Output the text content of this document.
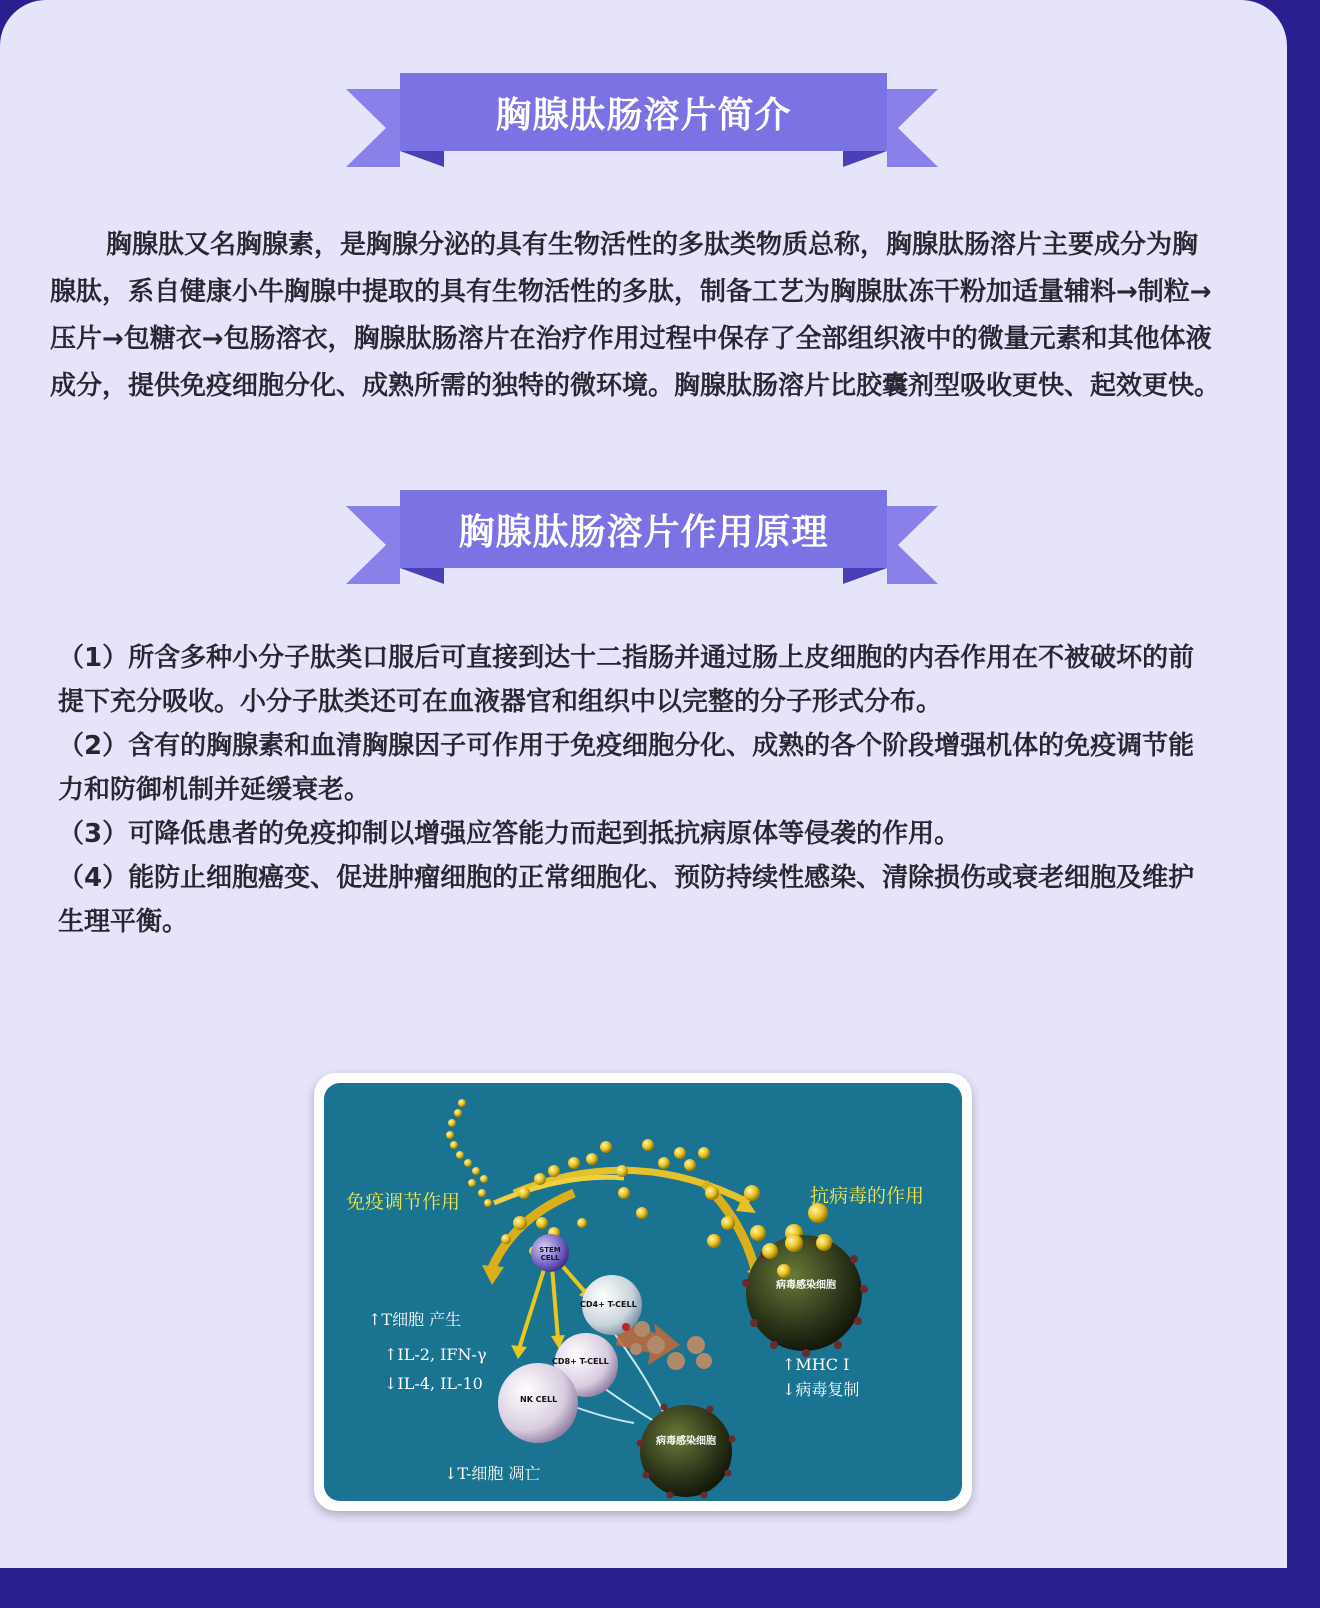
胸腺肽肠溶片简介

胸腺肽又名胸腺素，是胸腺分泌的具有生物活性的多肽类物质总称，胸腺肽肠溶片主要成分为胸腺肽，系自健康小牛胸腺中提取的具有生物活性的多肽，制备工艺为胸腺肽冻干粉加适量辅料→制粒→压片→包糖衣→包肠溶衣，胸腺肽肠溶片在治疗作用过程中保存了全部组织液中的微量元素和其他体液成分，提供免疫细胞分化、成熟所需的独特的微环境。胸腺肽肠溶片比胶囊剂型吸收更快、起效更快。

胸腺肽肠溶片作用原理

（1）所含多种小分子肽类口服后可直接到达十二指肠并通过肠上皮细胞的内吞作用在不被破坏的前提下充分吸收。小分子肽类还可在血液器官和组织中以完整的分子形式分布。

（2）含有的胸腺素和血清胸腺因子可作用于免疫细胞分化、成熟的各个阶段增强机体的免疫调节能力和防御机制并延缓衰老。

（3）可降低患者的免疫抑制以增强应答能力而起到抵抗病原体等侵袭的作用。

（4）能防止细胞癌变、促进肿瘤细胞的正常细胞化、预防持续性感染、清除损伤或衰老细胞及维护生理平衡。

免疫调节作用	抗病毒的作用
↑T细胞 产生
↑IL-2, IFN-γ
↓IL-4, IL-10
↓T-细胞 凋亡
↑MHC I
↓病毒复制
STEM CELL
CD4+ T-CELL
CD8+ T-CELL
NK CELL
病毒感染细胞
病毒感染细胞
